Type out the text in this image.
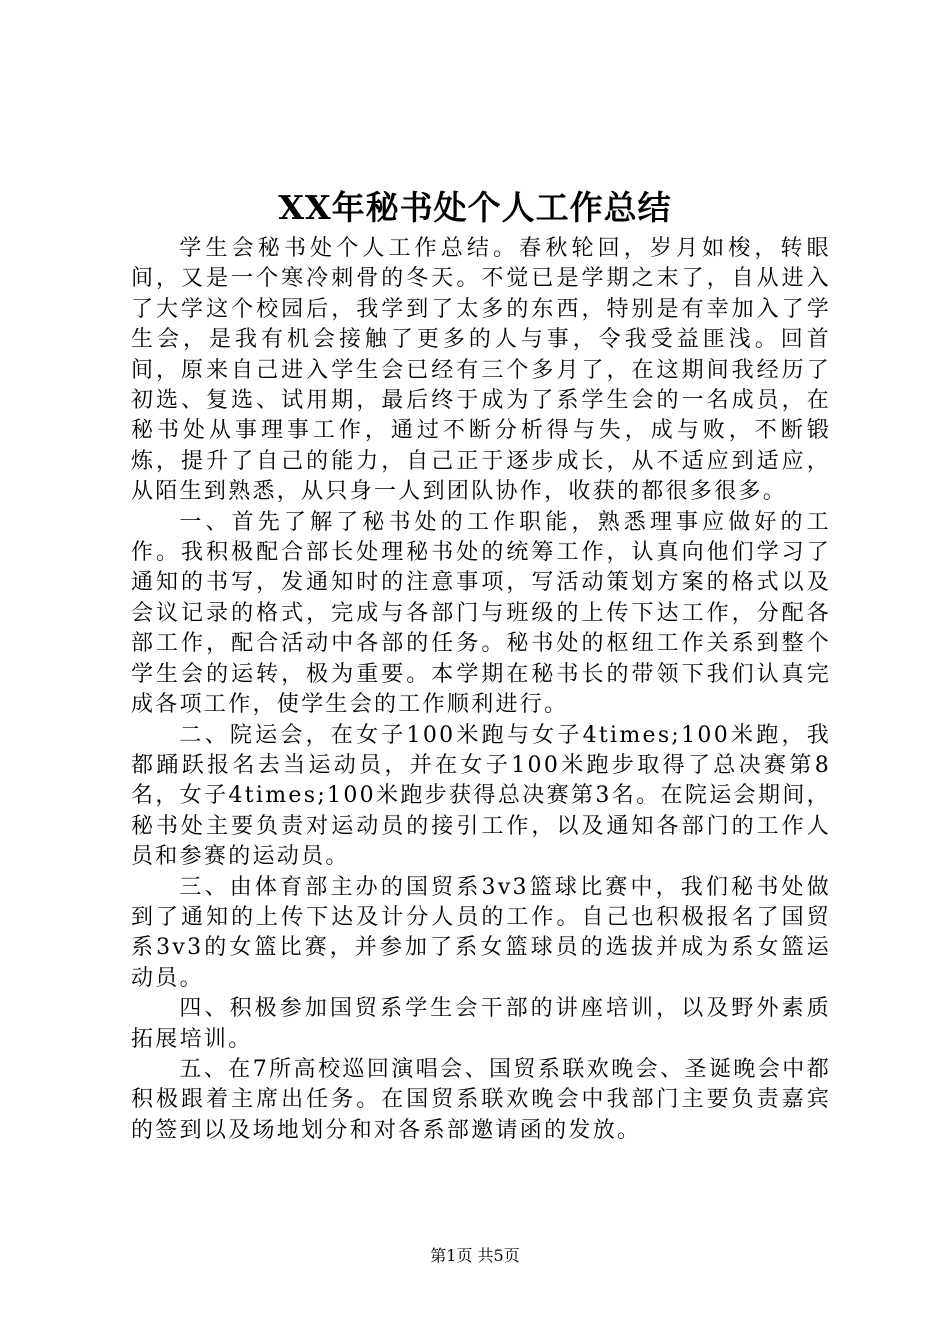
XX年秘书处个人工作总结

学生会秘书处个人工作总结。春秋轮回，岁月如梭，转眼间，又是一个寒冷刺骨的冬天。不觉已是学期之末了，自从进入了大学这个校园后，我学到了太多的东西，特别是有幸加入了学生会，是我有机会接触了更多的人与事，令我受益匪浅。回首间，原来自己进入学生会已经有三个多月了，在这期间我经历了初选、复选、试用期，最后终于成为了系学生会的一名成员，在秘书处从事理事工作，通过不断分析得与失，成与败，不断锻炼，提升了自己的能力，自己正于逐步成长，从不适应到适应，从陌生到熟悉，从只身一人到团队协作，收获的都很多很多。

一、首先了解了秘书处的工作职能，熟悉理事应做好的工作。我积极配合部长处理秘书处的统筹工作，认真向他们学习了通知的书写，发通知时的注意事项，写活动策划方案的格式以及会议记录的格式，完成与各部门与班级的上传下达工作，分配各部工作，配合活动中各部的任务。秘书处的枢纽工作关系到整个学生会的运转，极为重要。本学期在秘书长的带领下我们认真完成各项工作，使学生会的工作顺利进行。

二、院运会，在女子100米跑与女子4times;100米跑，我都踊跃报名去当运动员，并在女子100米跑步取得了总决赛第8名，女子4times;100米跑步获得总决赛第3名。在院运会期间，秘书处主要负责对运动员的接引工作，以及通知各部门的工作人员和参赛的运动员。

三、由体育部主办的国贸系3v3篮球比赛中，我们秘书处做到了通知的上传下达及计分人员的工作。自己也积极报名了国贸系3v3的女篮比赛，并参加了系女篮球员的选拔并成为系女篮运动员。

四、积极参加国贸系学生会干部的讲座培训，以及野外素质拓展培训。

五、在7所高校巡回演唱会、国贸系联欢晚会、圣诞晚会中都积极跟着主席出任务。在国贸系联欢晚会中我部门主要负责嘉宾的签到以及场地划分和对各系部邀请函的发放。

第1页 共5页
